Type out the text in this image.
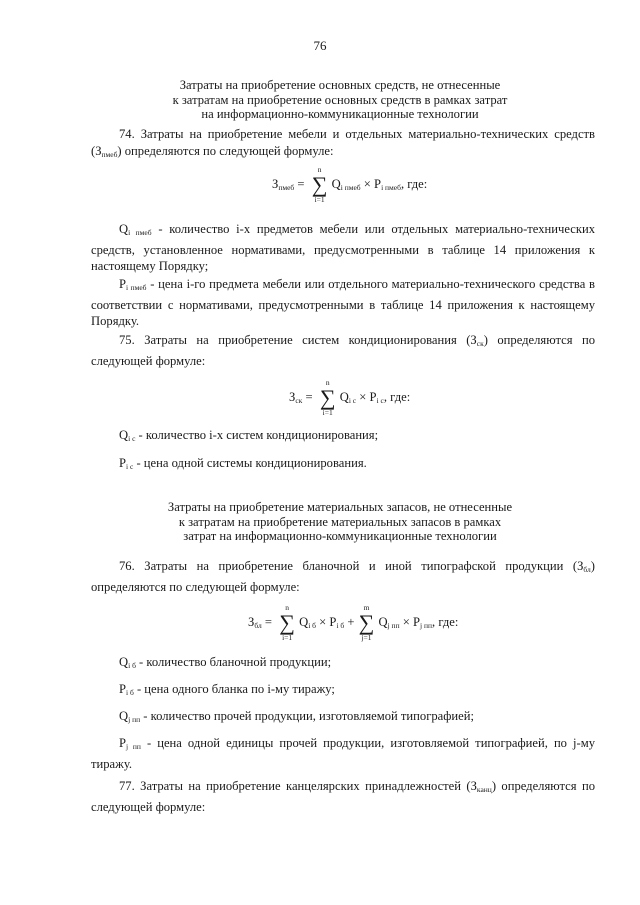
76
Затраты на приобретение основных средств, не отнесенные
к затратам на приобретение основных средств в рамках затрат
на информационно-коммуникационные технологии
74. Затраты на приобретение мебели и отдельных материально-технических средств $(З_{пмеб})$ определяются по следующей формуле:
$З_{пмеб}$ =
n
∑
i=1
$Q_{i пмеб} \times P_{i пмеб}$, где:
$Q_{i пмеб}$ - количество i-х предметов мебели или отдельных материально-технических средств, установленное нормативами, предусмотренными в таблице 14 приложения к настоящему Порядку;
$P_{i пмеб}$ - цена i-го предмета мебели или отдельного материально-технического средства в соответствии с нормативами, предусмотренными в таблице 14 приложения к настоящему Порядку.
75. Затраты на приобретение систем кондиционирования $(З_{ск})$ определяются по следующей формуле:
$З_{ск}$ =
n
∑
i=1
$Q_{i с} \times P_{i с}$, где:
$Q_{i с}$ - количество i-х систем кондиционирования;
$P_{i с}$ - цена одной системы кондиционирования.
Затраты на приобретение материальных запасов, не отнесенные
к затратам на приобретение материальных запасов в рамках
затрат на информационно-коммуникационные технологии
76. Затраты на приобретение бланочной и иной типографской продукции $(З_{бл})$ определяются по следующей формуле:
$З_{бл}$ =
n
∑
i=1
$Q_{i б} \times P_{i б}$ +
m
∑
j=1
$Q_{j пп} \times P_{j пп}$, где:
$Q_{i б}$ - количество бланочной продукции;
$P_{i б}$ - цена одного бланка по i-му тиражу;
$Q_{j пп}$ - количество прочей продукции, изготовляемой типографией;
$P_{j пп}$ - цена одной единицы прочей продукции, изготовляемой типографией, по j-му тиражу.
77. Затраты на приобретение канцелярских принадлежностей $(З_{канц})$ определяются по следующей формуле:
